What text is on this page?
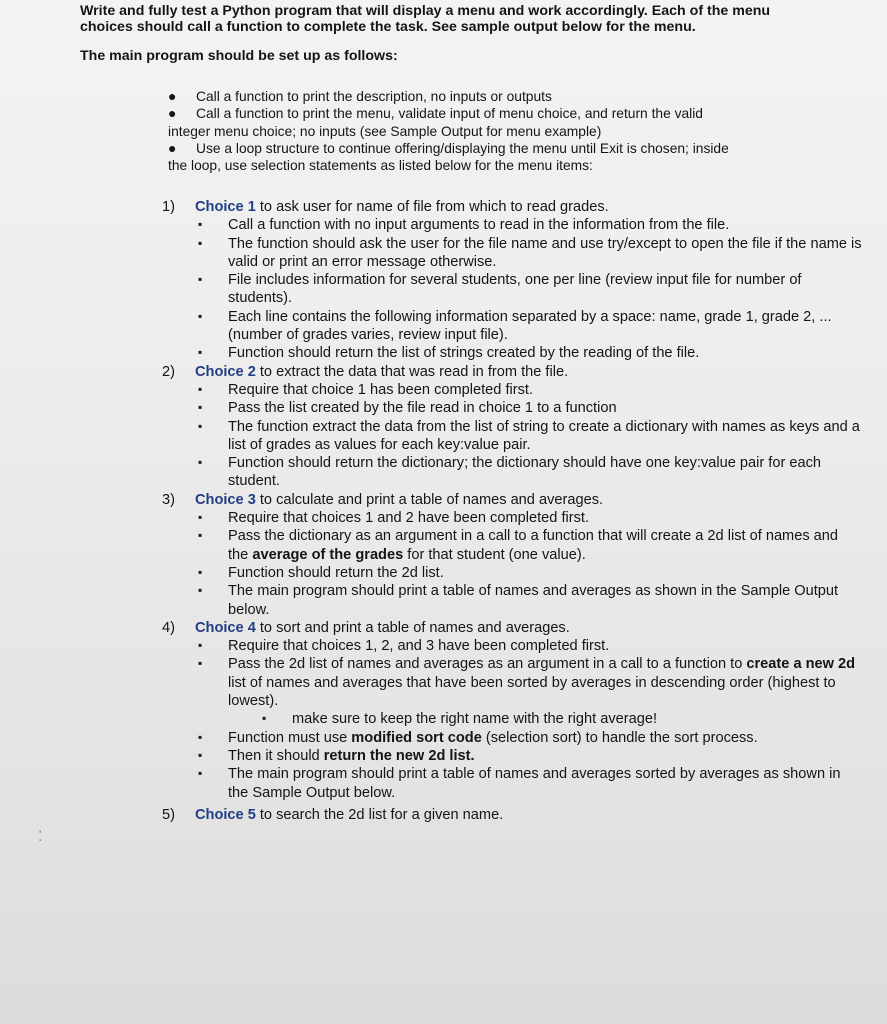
Write and fully test a Python program that will display a menu and work accordingly. Each of the menu
choices should call a function to complete the task. See sample output below for the menu.
The main program should be set up as follows:
● Call a function to print the description, no inputs or outputs
● Call a function to print the menu, validate input of menu choice, and return the valid
integer menu choice; no inputs (see Sample Output for menu example)
● Use a loop structure to continue offering/displaying the menu until Exit is chosen; inside
the loop, use selection statements as listed below for the menu items:
1) Choice 1 to ask user for name of file from which to read grades.
▪ Call a function with no input arguments to read in the information from the file.
▪ The function should ask the user for the file name and use try/except to open the file if the name is valid or print an error message otherwise.
▪ File includes information for several students, one per line (review input file for number of students).
▪ Each line contains the following information separated by a space: name, grade 1, grade 2, ... (number of grades varies, review input file).
▪ Function should return the list of strings created by the reading of the file.
2) Choice 2 to extract the data that was read in from the file.
▪ Require that choice 1 has been completed first.
▪ Pass the list created by the file read in choice 1 to a function
▪ The function extract the data from the list of string to create a dictionary with names as keys and a list of grades as values for each key:value pair.
▪ Function should return the dictionary; the dictionary should have one key:value pair for each student.
3) Choice 3 to calculate and print a table of names and averages.
▪ Require that choices 1 and 2 have been completed first.
▪ Pass the dictionary as an argument in a call to a function that will create a 2d list of names and the average of the grades for that student (one value).
▪ Function should return the 2d list.
▪ The main program should print a table of names and averages as shown in the Sample Output below.
4) Choice 4 to sort and print a table of names and averages.
▪ Require that choices 1, 2, and 3 have been completed first.
▪ Pass the 2d list of names and averages as an argument in a call to a function to create a new 2d list of names and averages that have been sorted by averages in descending order (highest to lowest).
▪ make sure to keep the right name with the right average!
▪ Function must use modified sort code (selection sort) to handle the sort process.
▪ Then it should return the new 2d list.
▪ The main program should print a table of names and averages sorted by averages as shown in the Sample Output below.
5) Choice 5 to search the 2d list for a given name.
⁚
